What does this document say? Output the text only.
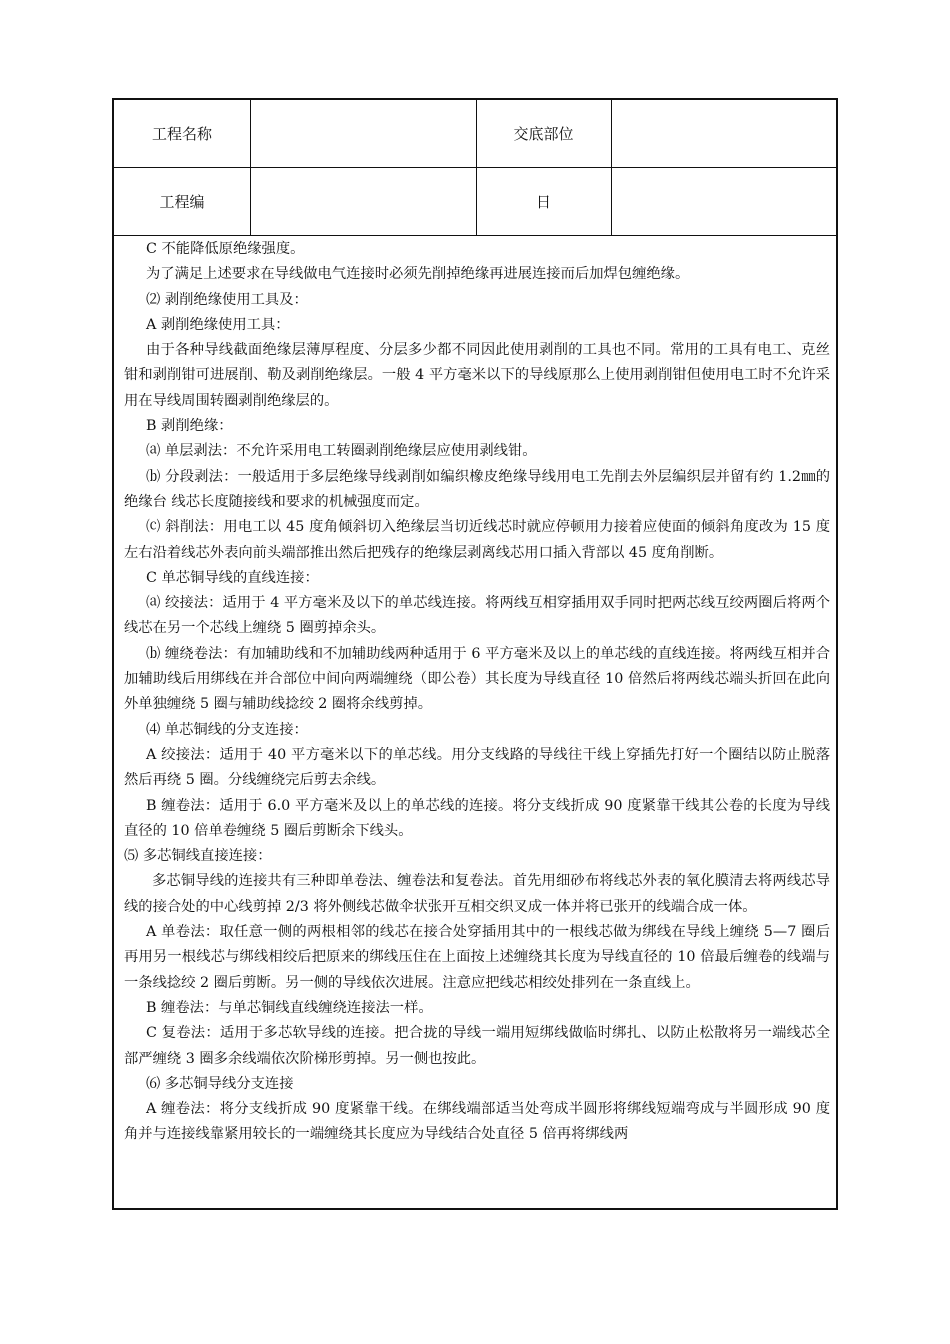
工程名称	交底部位
工程编	日

C 不能降低原绝缘强度。

为了满足上述要求在导线做电气连接时必须先削掉绝缘再进展连接而后加焊包缠绝缘。

⑵ 剥削绝缘使用工具及：

A 剥削绝缘使用工具：

由于各种导线截面绝缘层薄厚程度、分层多少都不同因此使用剥削的工具也不同。常用的工具有电工、克丝钳和剥削钳可进展削、勒及剥削绝缘层。一般 4 平方毫米以下的导线原那么上使用剥削钳但使用电工时不允许采用在导线周围转圈剥削绝缘层的。

B 剥削绝缘：

⒜ 单层剥法：不允许采用电工转圈剥削绝缘层应使用剥线钳。

⒝ 分段剥法：一般适用于多层绝缘导线剥削如编织橡皮绝缘导线用电工先削去外层编织层并留有约 1.2㎜的绝缘台 线芯长度随接线和要求的机械强度而定。

⒞ 斜削法：用电工以 45 度角倾斜切入绝缘层当切近线芯时就应停顿用力接着应使面的倾斜角度改为 15 度左右沿着线芯外表向前头端部推出然后把残存的绝缘层剥离线芯用口插入背部以 45 度角削断。

C 单芯铜导线的直线连接：

⒜ 绞接法：适用于 4 平方毫米及以下的单芯线连接。将两线互相穿插用双手同时把两芯线互绞两圈后将两个线芯在另一个芯线上缠绕 5 圈剪掉余头。

⒝ 缠绕卷法：有加辅助线和不加辅助线两种适用于 6 平方毫米及以上的单芯线的直线连接。将两线互相并合加辅助线后用绑线在并合部位中间向两端缠绕（即公卷）其长度为导线直径 10 倍然后将两线芯端头折回在此向外单独缠绕 5 圈与辅助线捻绞 2 圈将余线剪掉。

⑷ 单芯铜线的分支连接：

A 绞接法：适用于 40 平方毫米以下的单芯线。用分支线路的导线往干线上穿插先打好一个圈结以防止脱落然后再绕 5 圈。分线缠绕完后剪去余线。

B 缠卷法：适用于 6.0 平方毫米及以上的单芯线的连接。将分支线折成 90 度紧靠干线其公卷的长度为导线直径的 10 倍单卷缠绕 5 圈后剪断余下线头。

⑸ 多芯铜线直接连接：

多芯铜导线的连接共有三种即单卷法、缠卷法和复卷法。首先用细砂布将线芯外表的氧化膜清去将两线芯导线的接合处的中心线剪掉 2/3 将外侧线芯做伞状张开互相交织叉成一体并将已张开的线端合成一体。

A 单卷法：取任意一侧的两根相邻的线芯在接合处穿插用其中的一根线芯做为绑线在导线上缠绕 5—7 圈后再用另一根线芯与绑线相绞后把原来的绑线压住在上面按上述缠绕其长度为导线直径的 10 倍最后缠卷的线端与一条线捻绞 2 圈后剪断。另一侧的导线依次进展。注意应把线芯相绞处排列在一条直线上。

B 缠卷法：与单芯铜线直线缠绕连接法一样。

C 复卷法：适用于多芯软导线的连接。把合拢的导线一端用短绑线做临时绑扎、以防止松散将另一端线芯全部严缠绕 3 圈多余线端依次阶梯形剪掉。另一侧也按此。

⑹ 多芯铜导线分支连接

A 缠卷法：将分支线折成 90 度紧靠干线。在绑线端部适当处弯成半圆形将绑线短端弯成与半圆形成 90 度角并与连接线靠紧用较长的一端缠绕其长度应为导线结合处直径 5 倍再将绑线两
